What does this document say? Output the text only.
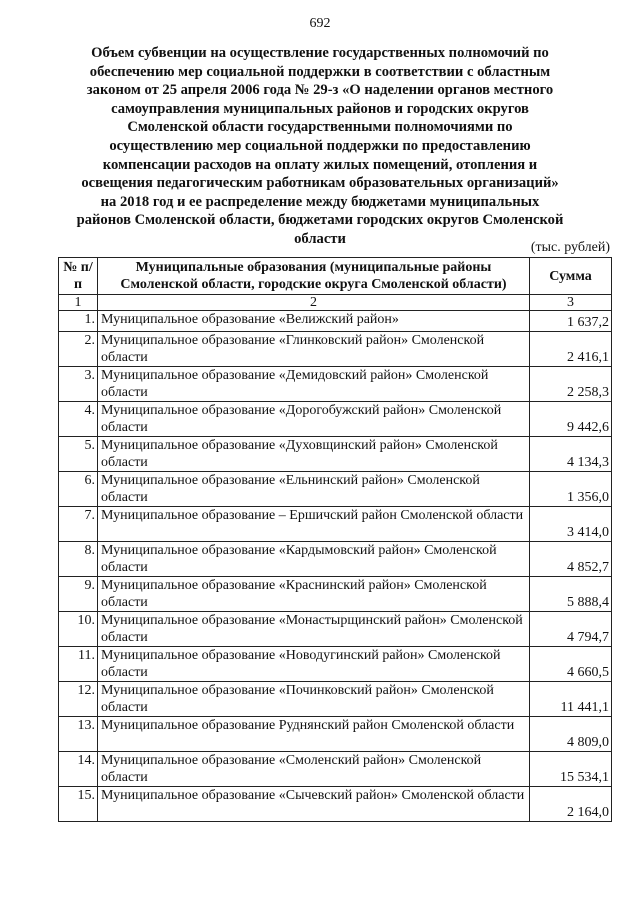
692
Объем субвенции на осуществление государственных полномочий по обеспечению мер социальной поддержки в соответствии с областным законом от 25 апреля 2006 года № 29-з «О наделении органов местного самоуправления муниципальных районов и городских округов Смоленской области государственными полномочиями по осуществлению мер социальной поддержки по предоставлению компенсации расходов на оплату жилых помещений, отопления и освещения педагогическим работникам образовательных организаций» на 2018 год и ее распределение между бюджетами муниципальных районов Смоленской области, бюджетами городских округов Смоленской области
(тыс. рублей)
№ п/п	Муниципальные образования (муниципальные районы Смоленской области, городские округа Смоленской области)	Сумма
1	2	3
1.	Муниципальное образование «Велижский район»	1 637,2
2.	Муниципальное образование «Глинковский район» Смоленской области	2 416,1
3.	Муниципальное образование «Демидовский район» Смоленской области	2 258,3
4.	Муниципальное образование «Дорогобужский район» Смоленской области	9 442,6
5.	Муниципальное образование «Духовщинский район» Смоленской области	4 134,3
6.	Муниципальное образование «Ельнинский район» Смоленской области	1 356,0
7.	Муниципальное образование – Ершичский район Смоленской области	3 414,0
8.	Муниципальное образование «Кардымовский район» Смоленской области	4 852,7
9.	Муниципальное образование «Краснинский район» Смоленской области	5 888,4
10.	Муниципальное образование «Монастырщинский район» Смоленской области	4 794,7
11.	Муниципальное образование «Новодугинский район» Смоленской области	4 660,5
12.	Муниципальное образование «Починковский район» Смоленской области	11 441,1
13.	Муниципальное образование Руднянский район Смоленской области	4 809,0
14.	Муниципальное образование «Смоленский район» Смоленской области	15 534,1
15.	Муниципальное образование «Сычевский район» Смоленской области	2 164,0
